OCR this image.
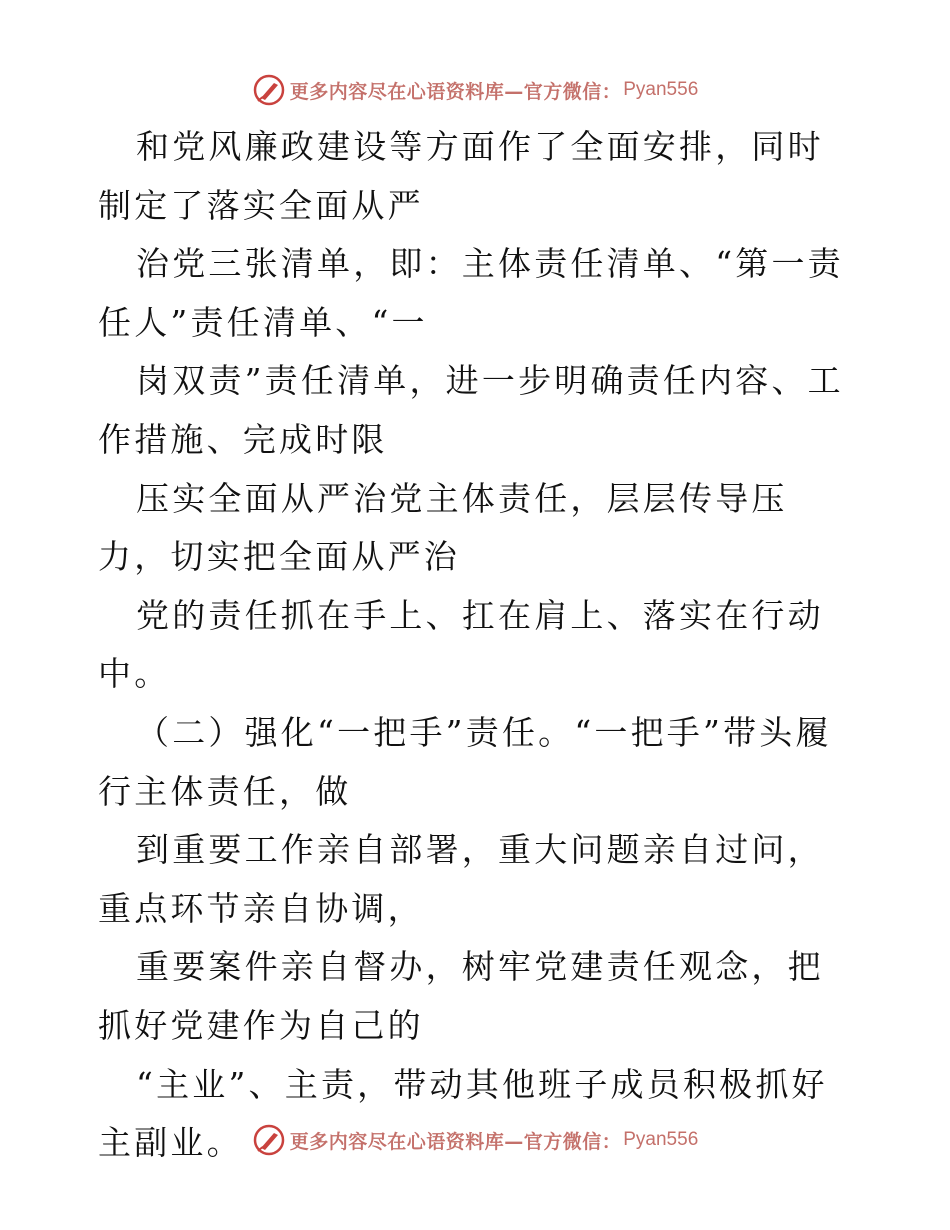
更多内容尽在心语资料库—官方微信： Pyan556

和党风廉政建设等方面作了全面安排，同时制定了落实全面从严

治党三张清单，即：主体责任清单、“第一责任人”责任清单、“一

岗双责”责任清单，进一步明确责任内容、工作措施、完成时限

压实全面从严治党主体责任，层层传导压力，切实把全面从严治

党的责任抓在手上、扛在肩上、落实在行动中。

（二）强化“一把手”责任。“一把手”带头履行主体责任，做

到重要工作亲自部署，重大问题亲自过问，重点环节亲自协调，

重要案件亲自督办，树牢党建责任观念，把抓好党建作为自己的

“主业”、主责，带动其他班子成员积极抓好主副业。	更多内容尽在心语资料库—官方微信： Pyan556
